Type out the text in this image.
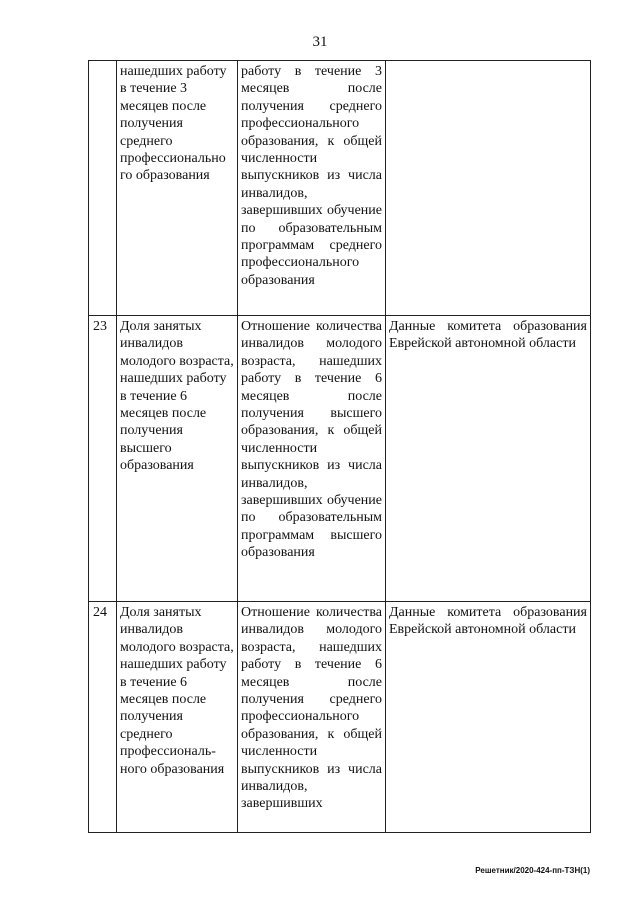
31
	нашедших работу в течение 3 месяцев после получения среднего профессионально го образования	работу в течение 3 месяцев после получения среднего профессионального образования, к общей численности выпускников из числа инвалидов, завершивших обучение по образовательным программам среднего профессионального образования	
23	Доля занятых инвалидов молодого возраста, нашедших работу в течение 6 месяцев после получения высшего образования	Отношение количества инвалидов молодого возраста, нашедших работу в течение 6 месяцев после получения высшего образования, к общей численности выпускников из числа инвалидов, завершивших обучение по образовательным программам высшего образования	Данные комитета образования Еврейской автономной области
24	Доля занятых инвалидов молодого возраста, нашедших работу в течение 6 месяцев после получения среднего профессиональ-ного образования	Отношение количества инвалидов молодого возраста, нашедших работу в течение 6 месяцев после получения среднего профессионального образования, к общей численности выпускников из числа инвалидов, завершивших	Данные комитета образования Еврейской автономной области
Решетник/2020-424-пп-ТЗН(1)
